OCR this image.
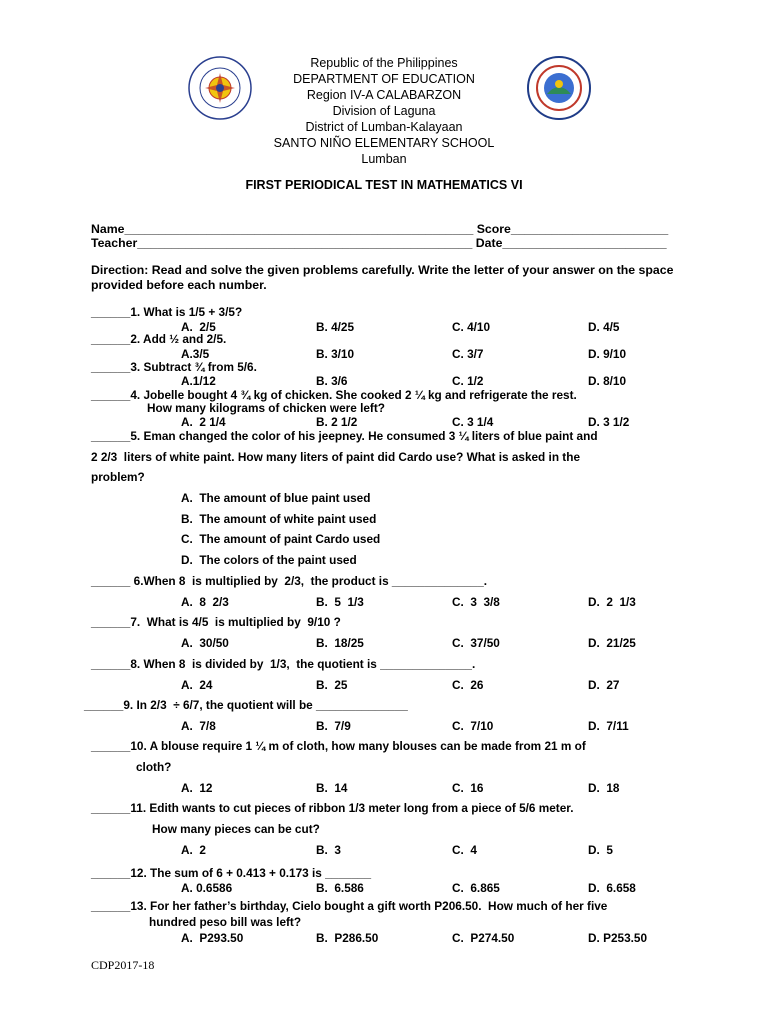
Republic of the Philippines
DEPARTMENT OF EDUCATION
Region IV-A CALABARZON
Division of Laguna
District of Lumban-Kalayaan
SANTO NIÑO ELEMENTARY SCHOOL
Lumban
FIRST PERIODICAL TEST IN MATHEMATICS VI
Name___________________________________________________ Score_______________________
Teacher_________________________________________________ Date________________________
Direction: Read and solve the given problems carefully. Write the letter of your answer on the space provided before each number.
______1. What is 1/5 + 3/5?
A.  2/5	B. 4/25	C. 4/10	D. 4/5
______2. Add ½ and 2/5.
A.3/5	B. 3/10	C. 3/7	D. 9/10
______3. Subtract ¾ from 5/6.
A.1/12	B. 3/6	C. 1/2	D. 8/10
______4. Jobelle bought 4 ¾ kg of chicken. She cooked 2 ¼ kg and refrigerate the rest.
How many kilograms of chicken were left?
A.  2 1/4	B. 2 1/2	C. 3 1/4	D. 3 1/2
______5. Eman changed the color of his jeepney. He consumed 3 ¼ liters of blue paint and
2 2/3  liters of white paint. How many liters of paint did Cardo use? What is asked in the
problem?
A.  The amount of blue paint used
B.  The amount of white paint used
C.  The amount of paint Cardo used
D.  The colors of the paint used
______ 6.When 8  is multiplied by  2/3,  the product is ______________.
A.  8  2/3	B.  5  1/3	C.  3  3/8	D.  2  1/3
______7.  What is 4/5  is multiplied by  9/10 ?
A.  30/50	B.  18/25	C.  37/50	D.  21/25
______8. When 8  is divided by  1/3,  the quotient is ______________.
A.  24	B.  25	C.  26	D.  27
______9. In 2/3  ÷ 6/7, the quotient will be ______________
A.  7/8	B.  7/9	C.  7/10	D.  7/11
______10. A blouse require 1 ¼ m of cloth, how many blouses can be made from 21 m of
cloth?
A.  12	B.  14	C.  16	D.  18
______11. Edith wants to cut pieces of ribbon 1/3 meter long from a piece of 5/6 meter.
How many pieces can be cut?
A.  2	B.  3	C.  4	D.  5
______12. The sum of 6 + 0.413 + 0.173 is _______
A. 0.6586	B.  6.586	C.  6.865	D.  6.658
______13. For her father’s birthday, Cielo bought a gift worth P206.50.  How much of her five
hundred peso bill was left?
A.  P293.50	B.  P286.50	C.  P274.50	D. P253.50
CDP2017-18
